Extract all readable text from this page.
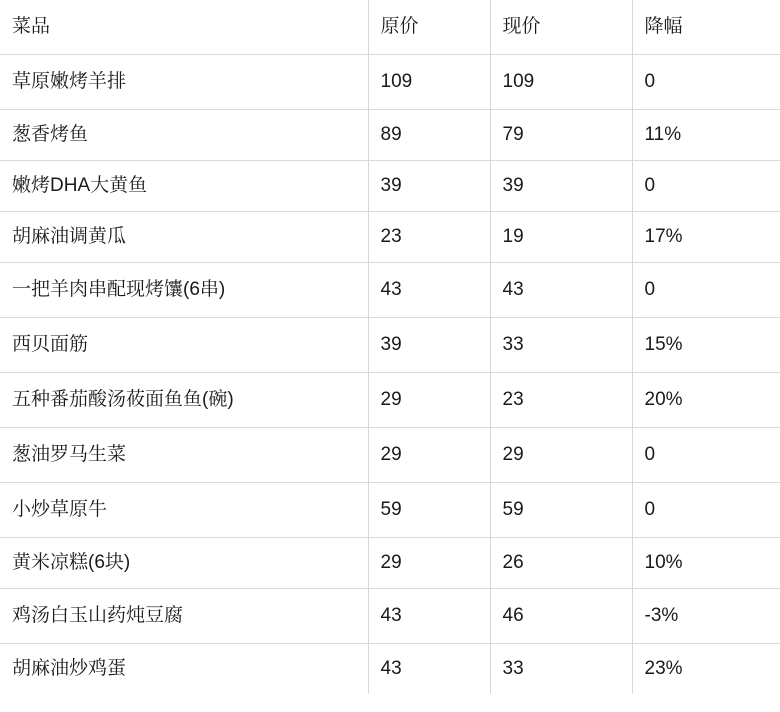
菜品	原价	现价	降幅
草原嫩烤羊排	109	109	0
葱香烤鱼	89	79	11%
嫩烤DHA大黄鱼	39	39	0
胡麻油调黄瓜	23	19	17%
一把羊肉串配现烤馕(6串)	43	43	0
西贝面筋	39	33	15%
五种番茄酸汤莜面鱼鱼(碗)	29	23	20%
葱油罗马生菜	29	29	0
小炒草原牛	59	59	0
黄米凉糕(6块)	29	26	10%
鸡汤白玉山药炖豆腐	43	46	-3%
胡麻油炒鸡蛋	43	33	23%
